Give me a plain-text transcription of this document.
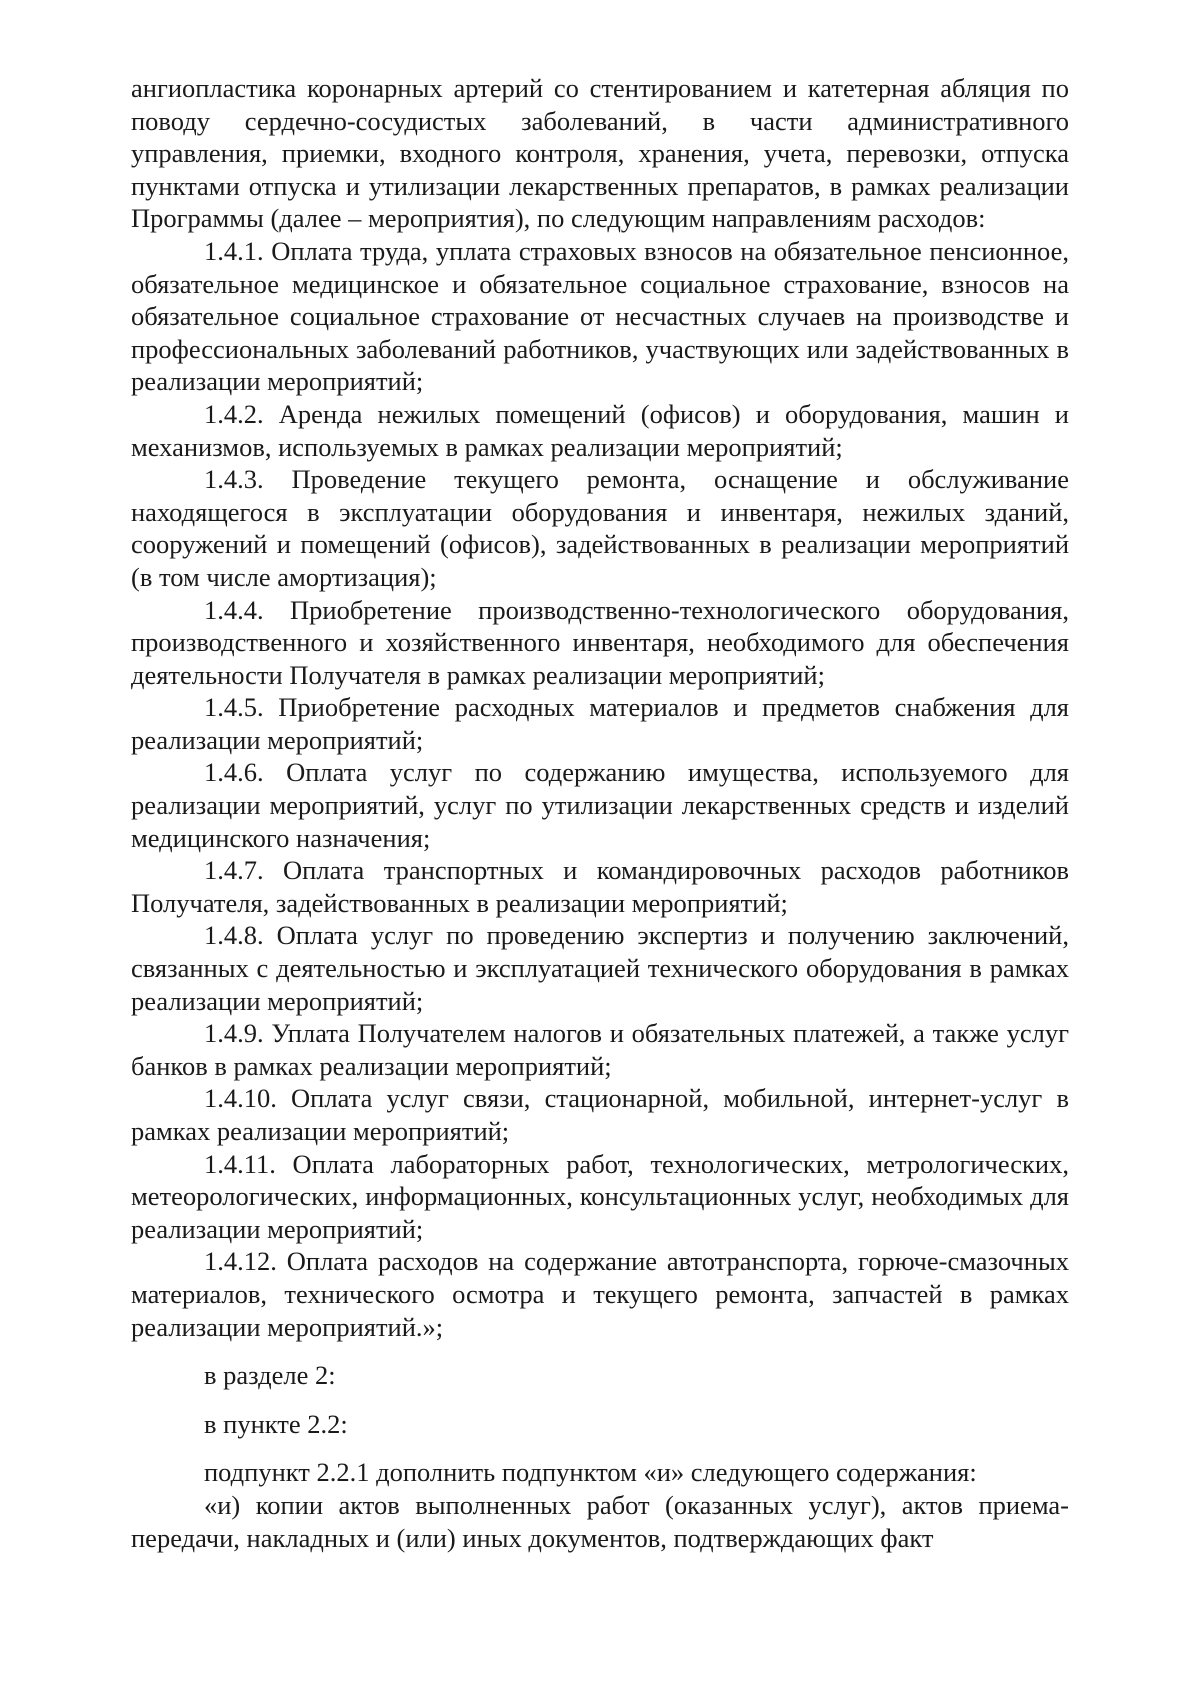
ангиопластика коронарных артерий со стентированием и катетерная абляция по поводу сердечно-сосудистых заболеваний, в части административного управления, приемки, входного контроля, хранения, учета, перевозки, отпуска пунктами отпуска и утилизации лекарственных препаратов, в рамках реализации Программы (далее – мероприятия), по следующим направлениям расходов:

1.4.1. Оплата труда, уплата страховых взносов на обязательное пенсионное, обязательное медицинское и обязательное социальное страхование, взносов на обязательное социальное страхование от несчастных случаев на производстве и профессиональных заболеваний работников, участвующих или задействованных в реализации мероприятий;

1.4.2. Аренда нежилых помещений (офисов) и оборудования, машин и механизмов, используемых в рамках реализации мероприятий;

1.4.3. Проведение текущего ремонта, оснащение и обслуживание находящегося в эксплуатации оборудования и инвентаря, нежилых зданий, сооружений и помещений (офисов), задействованных в реализации мероприятий (в том числе амортизация);

1.4.4. Приобретение производственно-технологического оборудования, производственного и хозяйственного инвентаря, необходимого для обеспечения деятельности Получателя в рамках реализации мероприятий;

1.4.5. Приобретение расходных материалов и предметов снабжения для реализации мероприятий;

1.4.6. Оплата услуг по содержанию имущества, используемого для реализации мероприятий, услуг по утилизации лекарственных средств и изделий медицинского назначения;

1.4.7. Оплата транспортных и командировочных расходов работников Получателя, задействованных в реализации мероприятий;

1.4.8. Оплата услуг по проведению экспертиз и получению заключений, связанных с деятельностью и эксплуатацией технического оборудования в рамках реализации мероприятий;

1.4.9. Уплата Получателем налогов и обязательных платежей, а также услуг банков в рамках реализации мероприятий;

1.4.10. Оплата услуг связи, стационарной, мобильной, интернет-услуг в рамках реализации мероприятий;

1.4.11. Оплата лабораторных работ, технологических, метрологических, метеорологических, информационных, консультационных услуг, необходимых для реализации мероприятий;

1.4.12. Оплата расходов на содержание автотранспорта, горюче-смазочных материалов, технического осмотра и текущего ремонта, запчастей в рамках реализации мероприятий.»;

в разделе 2:

в пункте 2.2:

подпункт 2.2.1 дополнить подпунктом «и» следующего содержания:

«и) копии актов выполненных работ (оказанных услуг), актов приема-передачи, накладных и (или) иных документов, подтверждающих факт
